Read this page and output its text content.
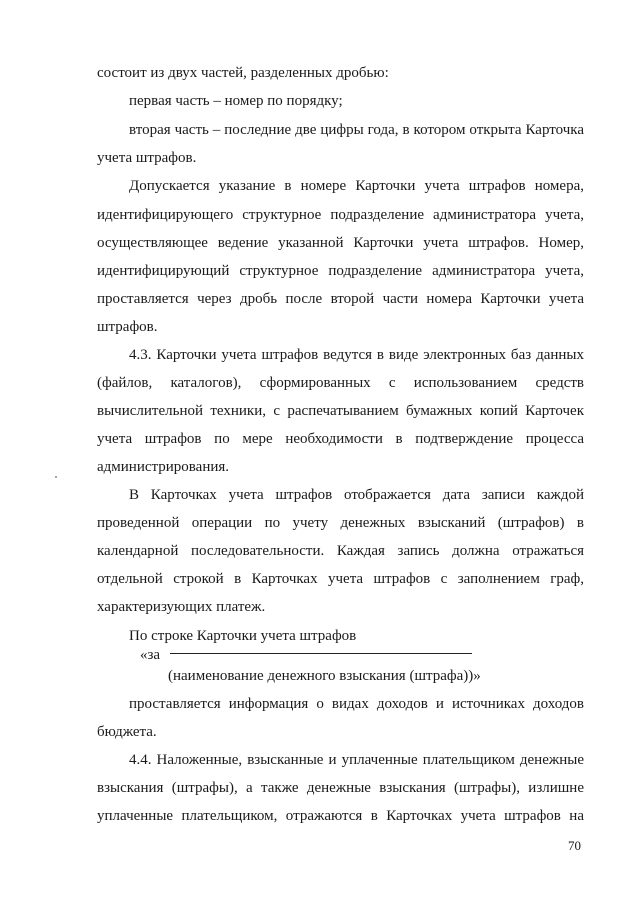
состоит из двух частей, разделенных дробью:
первая часть – номер по порядку;
вторая часть – последние две цифры года, в котором открыта Карточка
учета штрафов.
Допускается указание в номере Карточки учета штрафов номера,
идентифицирующего структурное подразделение администратора учета,
осуществляющее ведение указанной Карточки учета штрафов. Номер,
идентифицирующий структурное подразделение администратора учета,
проставляется через дробь после второй части номера Карточки учета
штрафов.
4.3. Карточки учета штрафов ведутся в виде электронных баз данных
(файлов, каталогов), сформированных с использованием средств
вычислительной техники, с распечатыванием бумажных копий Карточек
учета штрафов по мере необходимости в подтверждение процесса
администрирования.
В Карточках учета штрафов отображается дата записи каждой
проведенной операции по учету денежных взысканий (штрафов) в
календарной последовательности. Каждая запись должна отражаться
отдельной строкой в Карточках учета штрафов с заполнением граф,
характеризующих платеж.
По строке Карточки учета штрафов
«за
(наименование денежного взыскания (штрафа))»
проставляется информация о видах доходов и источниках доходов
бюджета.
4.4. Наложенные, взысканные и уплаченные плательщиком денежные
взыскания (штрафы), а также денежные взыскания (штрафы), излишне
уплаченные плательщиком, отражаются в Карточках учета штрафов на
70
